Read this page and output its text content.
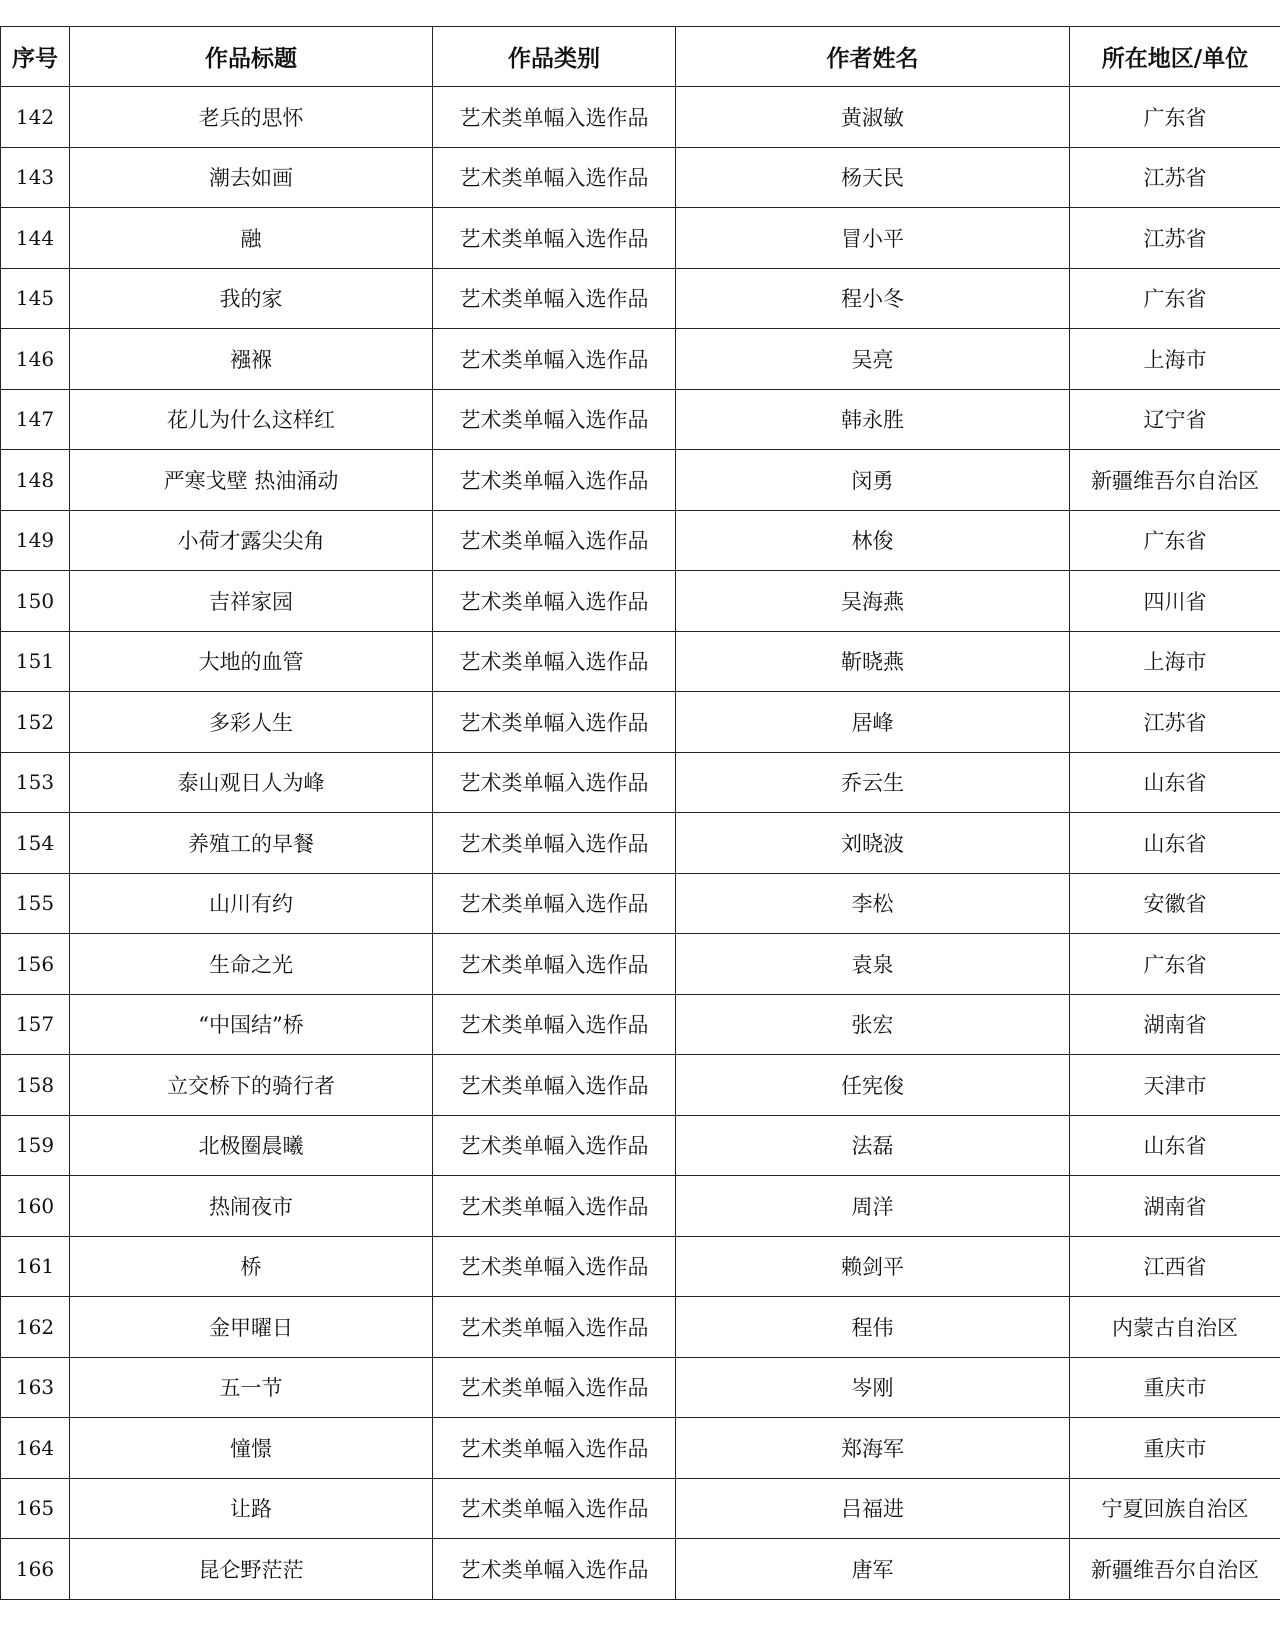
序号	作品标题	作品类别	作者姓名	所在地区/单位
142	老兵的思怀	艺术类单幅入选作品	黄淑敏	广东省
143	潮去如画	艺术类单幅入选作品	杨天民	江苏省
144	融	艺术类单幅入选作品	冒小平	江苏省
145	我的家	艺术类单幅入选作品	程小冬	广东省
146	襁褓	艺术类单幅入选作品	吴亮	上海市
147	花儿为什么这样红	艺术类单幅入选作品	韩永胜	辽宁省
148	严寒戈壁 热油涌动	艺术类单幅入选作品	闵勇	新疆维吾尔自治区
149	小荷才露尖尖角	艺术类单幅入选作品	林俊	广东省
150	吉祥家园	艺术类单幅入选作品	吴海燕	四川省
151	大地的血管	艺术类单幅入选作品	靳晓燕	上海市
152	多彩人生	艺术类单幅入选作品	居峰	江苏省
153	泰山观日人为峰	艺术类单幅入选作品	乔云生	山东省
154	养殖工的早餐	艺术类单幅入选作品	刘晓波	山东省
155	山川有约	艺术类单幅入选作品	李松	安徽省
156	生命之光	艺术类单幅入选作品	袁泉	广东省
157	“中国结”桥	艺术类单幅入选作品	张宏	湖南省
158	立交桥下的骑行者	艺术类单幅入选作品	任宪俊	天津市
159	北极圈晨曦	艺术类单幅入选作品	法磊	山东省
160	热闹夜市	艺术类单幅入选作品	周洋	湖南省
161	桥	艺术类单幅入选作品	赖剑平	江西省
162	金甲曜日	艺术类单幅入选作品	程伟	内蒙古自治区
163	五一节	艺术类单幅入选作品	岑刚	重庆市
164	憧憬	艺术类单幅入选作品	郑海军	重庆市
165	让路	艺术类单幅入选作品	吕福进	宁夏回族自治区
166	昆仑野茫茫	艺术类单幅入选作品	唐军	新疆维吾尔自治区
